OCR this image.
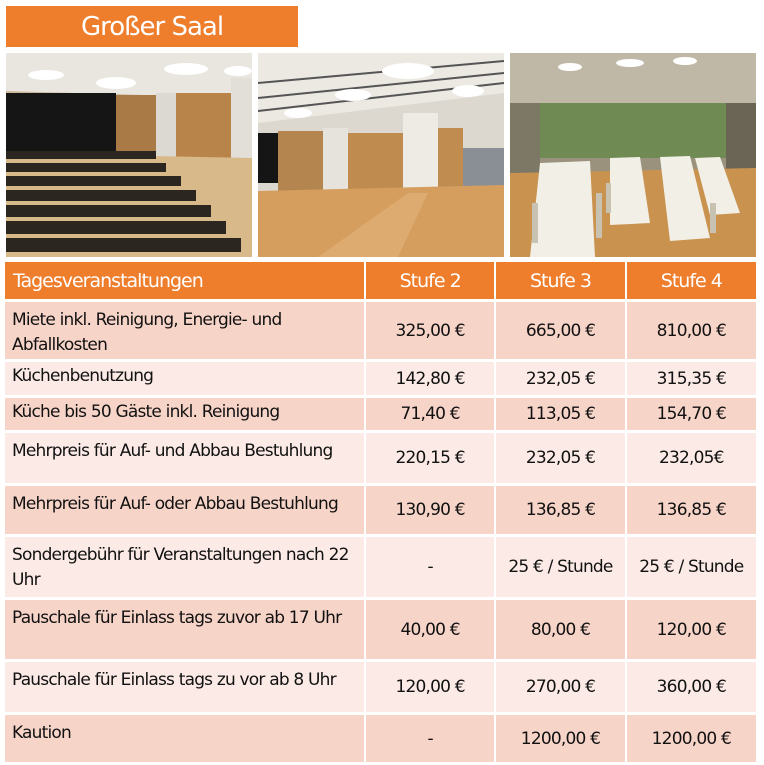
Großer Saal
Tagesveranstaltungen	Stufe 2	Stufe 3	Stufe 4
Miete inkl. Reinigung, Energie- und Abfallkosten	325,00 €	665,00 €	810,00 €
Küchenbenutzung	142,80 €	232,05 €	315,35 €
Küche bis 50 Gäste inkl. Reinigung	71,40 €	113,05 €	154,70 €
Mehrpreis für Auf- und Abbau Bestuhlung	220,15 €	232,05 €	232,05€
Mehrpreis für Auf- oder Abbau Bestuhlung	130,90 €	136,85 €	136,85 €
Sondergebühr für Veranstaltungen nach 22 Uhr	-	25 € / Stunde	25 € / Stunde
Pauschale für Einlass tags zuvor ab 17 Uhr	40,00 €	80,00 €	120,00 €
Pauschale für Einlass tags zu vor ab 8 Uhr	120,00 €	270,00 €	360,00 €
Kaution	-	1200,00 €	1200,00 €
